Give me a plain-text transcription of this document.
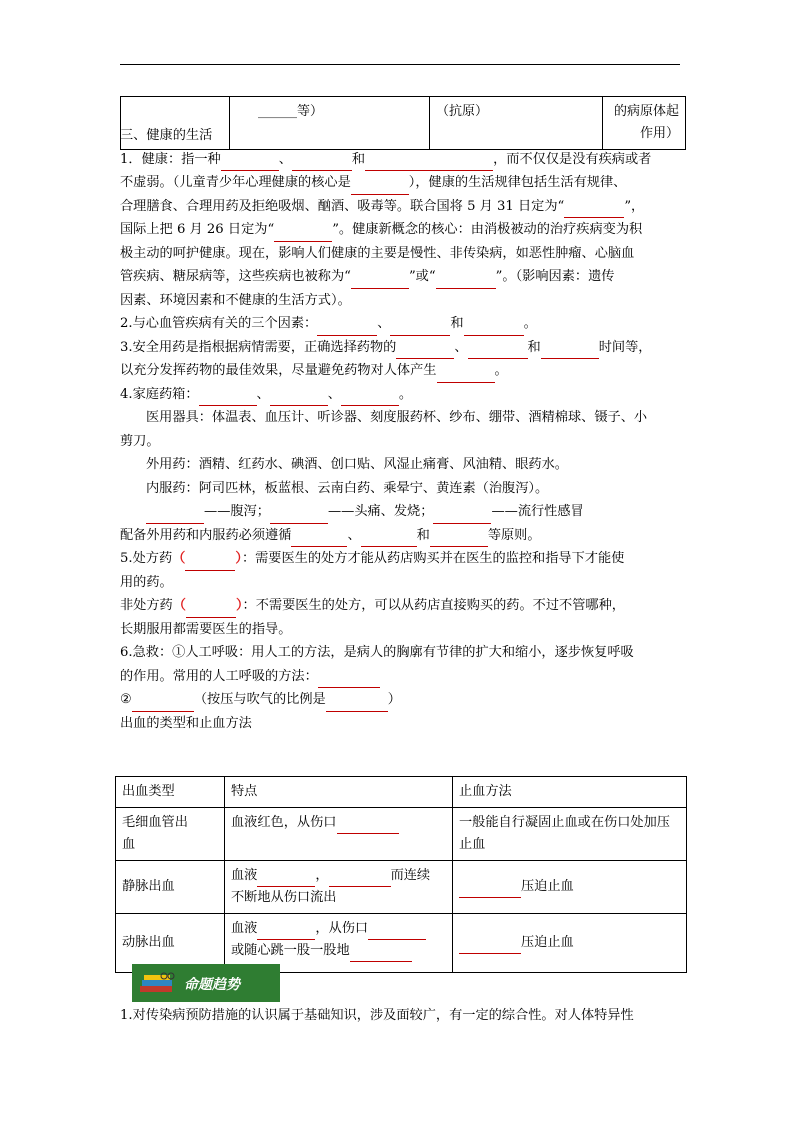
	______等）	（抗原）	的病原体起作用）

三、健康的生活

1．健康：指一种	、	和	，而不仅仅是没有疾病或者
不虚弱。（儿童青少年心理健康的核心是	），健康的生活规律包括生活有规律、
合理膳食、合理用药及拒绝吸烟、酗酒、吸毒等。联合国将 5 月 31 日定为“	”，
国际上把 6 月 26 日定为“	”。健康新概念的核心：由消极被动的治疗疾病变为积
极主动的呵护健康。现在，影响人们健康的主要是慢性、非传染病，如恶性肿瘤、心脑血
管疾病、糖尿病等，这些疾病也被称为“	”或“	”。（影响因素：遗传
因素、环境因素和不健康的生活方式）。

2.与心血管疾病有关的三个因素：	、	和	。

3.安全用药是指根据病情需要，正确选择药物的	、	和	时间等，
以充分发挥药物的最佳效果，尽量避免药物对人体产生	。

4.家庭药箱：	、	、	。

医用器具：体温表、血压计、听诊器、刻度服药杯、纱布、绷带、酒精棉球、镊子、小

剪刀。

外用药：酒精、红药水、碘酒、创口贴、风湿止痛膏、风油精、眼药水。

内服药：阿司匹林，板蓝根、云南白药、乘晕宁、黄连素（治腹泻）。

——腹泻；	——头痛、发烧；	——流行性感冒

配备外用药和内服药必须遵循	、	和	等原则。

5.处方药（	）：需要医生的处方才能从药店购买并在医生的监控和指导下才能使
用的药。
非处方药（	）：不需要医生的处方，可以从药店直接购买的药。不过不管哪种，
长期服用都需要医生的指导。

6.急救：①人工呼吸：用人工的方法，是病人的胸廓有节律的扩大和缩小，逐步恢复呼吸
的作用。常用的人工呼吸的方法：
②	（按压与吹气的比例是	）

出血的类型和止血方法

出血类型	特点	止血方法
毛细血管出
血	血液红色，从伤口	一般能自行凝固止血或在伤口处加压
止血
静脉出血	血液 ， 而连续
不断地从伤口流出	压迫止血
动脉出血	血液 ，从伤口
或随心跳一股一股地	压迫止血
命题趋势

1.对传染病预防措施的认识属于基础知识，涉及面较广，有一定的综合性。对人体特异性
